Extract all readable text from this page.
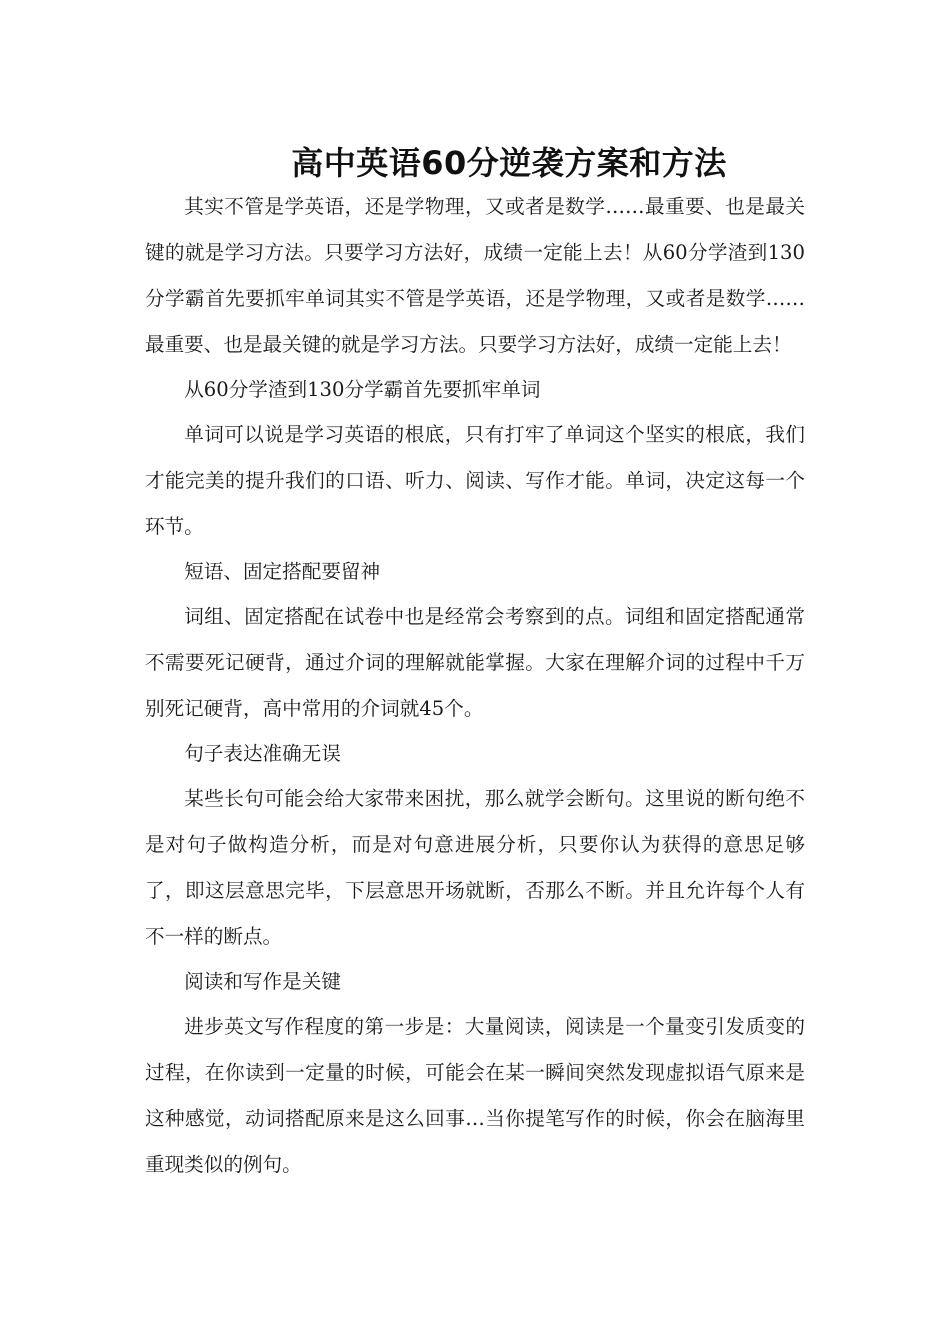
高中英语60分逆袭方案和方法

其实不管是学英语，还是学物理，又或者是数学……最重要、也是最关键的就是学习方法。只要学习方法好，成绩一定能上去！从60分学渣到130分学霸首先要抓牢单词其实不管是学英语，还是学物理，又或者是数学……最重要、也是最关键的就是学习方法。只要学习方法好，成绩一定能上去！

从60分学渣到130分学霸首先要抓牢单词

单词可以说是学习英语的根底，只有打牢了单词这个坚实的根底，我们才能完美的提升我们的口语、听力、阅读、写作才能。单词，决定这每一个环节。

短语、固定搭配要留神

词组、固定搭配在试卷中也是经常会考察到的点。词组和固定搭配通常不需要死记硬背，通过介词的理解就能掌握。大家在理解介词的过程中千万别死记硬背，高中常用的介词就45个。

句子表达准确无误

某些长句可能会给大家带来困扰，那么就学会断句。这里说的断句绝不是对句子做构造分析，而是对句意进展分析，只要你认为获得的意思足够了，即这层意思完毕，下层意思开场就断，否那么不断。并且允许每个人有不一样的断点。

阅读和写作是关键

进步英文写作程度的第一步是：大量阅读，阅读是一个量变引发质变的过程，在你读到一定量的时候，可能会在某一瞬间突然发现虚拟语气原来是这种感觉，动词搭配原来是这么回事…当你提笔写作的时候，你会在脑海里重现类似的例句。
